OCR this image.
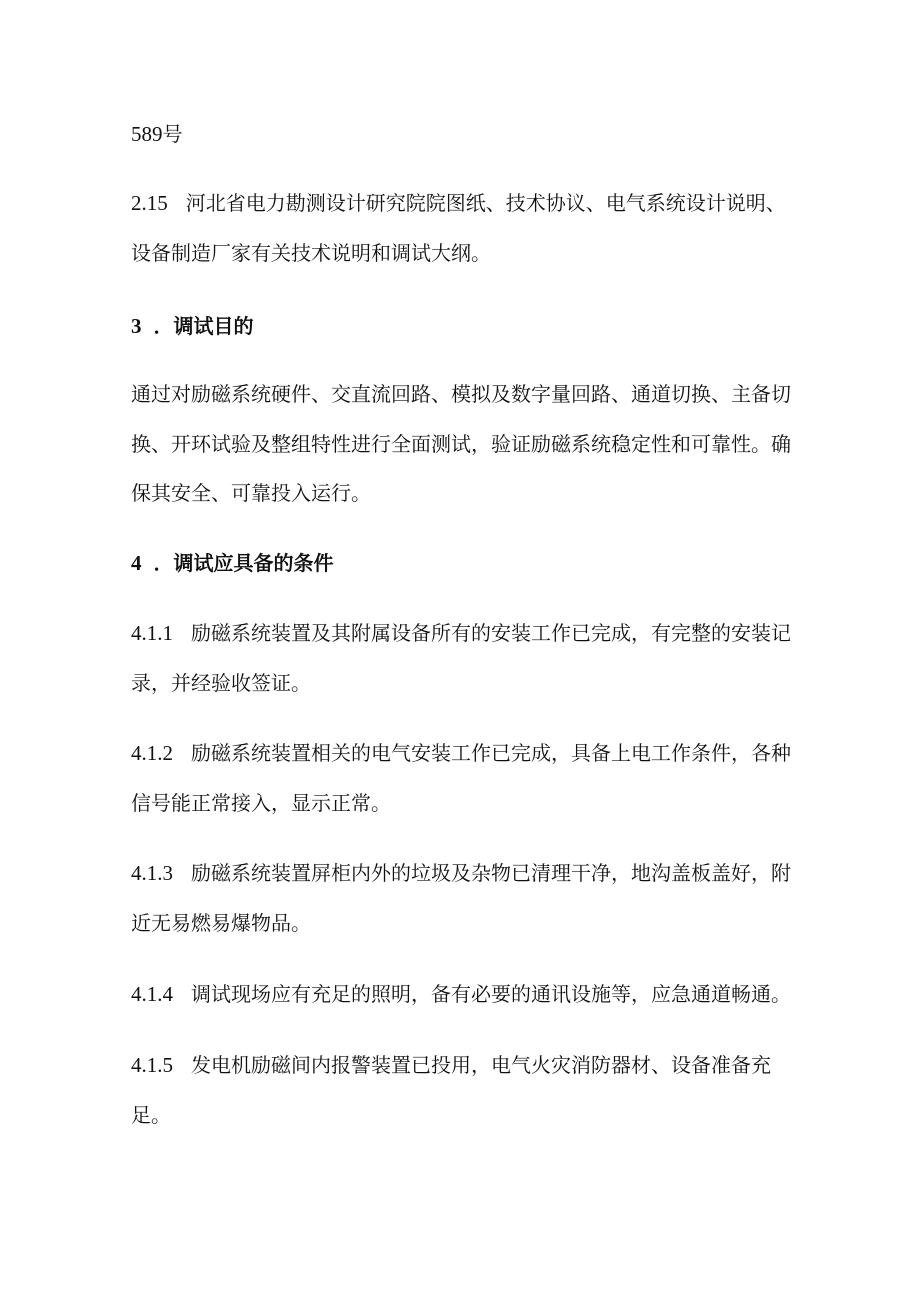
589号
2.15 河北省电力勘测设计研究院院图纸、技术协议、电气系统设计说明、
设备制造厂家有关技术说明和调试大纲。
3 ．调试目的
通过对励磁系统硬件、交直流回路、模拟及数字量回路、通道切换、主备切
换、开环试验及整组特性进行全面测试，验证励磁系统稳定性和可靠性。确
保其安全、可靠投入运行。
4 ．调试应具备的条件
4.1.1 励磁系统装置及其附属设备所有的安装工作已完成，有完整的安装记
录，并经验收签证。
4.1.2 励磁系统装置相关的电气安装工作已完成，具备上电工作条件，各种
信号能正常接入，显示正常。
4.1.3 励磁系统装置屏柜内外的垃圾及杂物已清理干净，地沟盖板盖好，附
近无易燃易爆物品。
4.1.4 调试现场应有充足的照明，备有必要的通讯设施等，应急通道畅通。
4.1.5 发电机励磁间内报警装置已投用，电气火灾消防器材、设备准备充
足。
